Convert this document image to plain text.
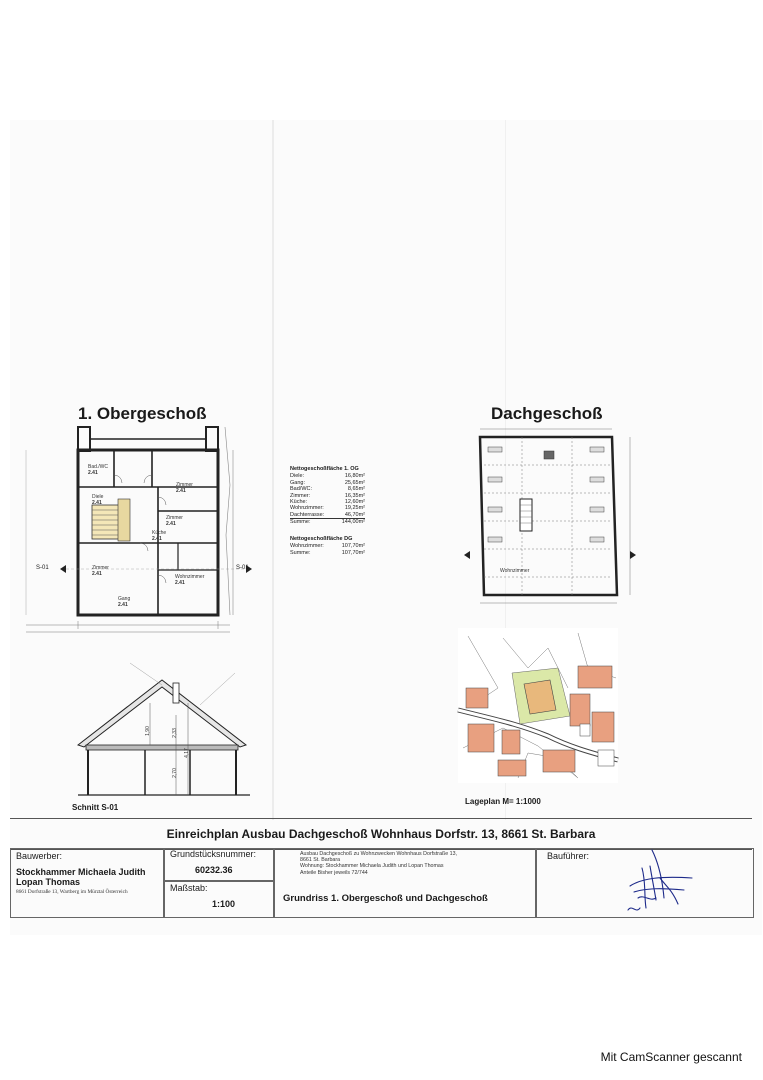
1. Obergeschoß
S-01	S-01
Bad./WC
2.41
Zimmer
2.41
Diele
2.41
Zimmer
2.41
Küche
2.41
Zimmer
2.41
Gang
2.41
Wohnzimmer
2.41
Nettogeschoßfläche 1. OG
Diele:	16,80m²
Gang:	25,65m²
Bad/WC:	8,65m²
Zimmer:	16,35m²
Küche:	12,60m²
Wohnzimmer:	19,25m²
Dachterrasse:	46,70m²
Summe:	144,00m²
Nettogeschoßfläche DG
Wohnzimmer:	107,70m²
Summe:	107,70m²
Dachgeschoß
Wohnzimmer
1,90	2,33
2,70
4,17
Schnitt S-01
Lageplan M= 1:1000
Einreichplan Ausbau Dachgeschoß Wohnhaus Dorfstr. 13, 8661 St. Barbara
Bauwerber:
Stockhammer Michaela Judith
Lopan Thomas
8661 Dorfstraße 13, Wartberg im Mürztal Österreich
Grundstücksnummer:
60232.36
Maßstab:
1:100
Ausbau Dachgeschoß zu Wohnzwecken Wohnhaus Dorfstraße 13,
8661 St. Barbara
Wohnung: Stockhammer Michaela Judith und Lopan Thomas
Anteile Bisher jeweils 72/744
Grundriss 1. Obergeschoß und Dachgeschoß
Bauführer:
Mit CamScanner gescannt
